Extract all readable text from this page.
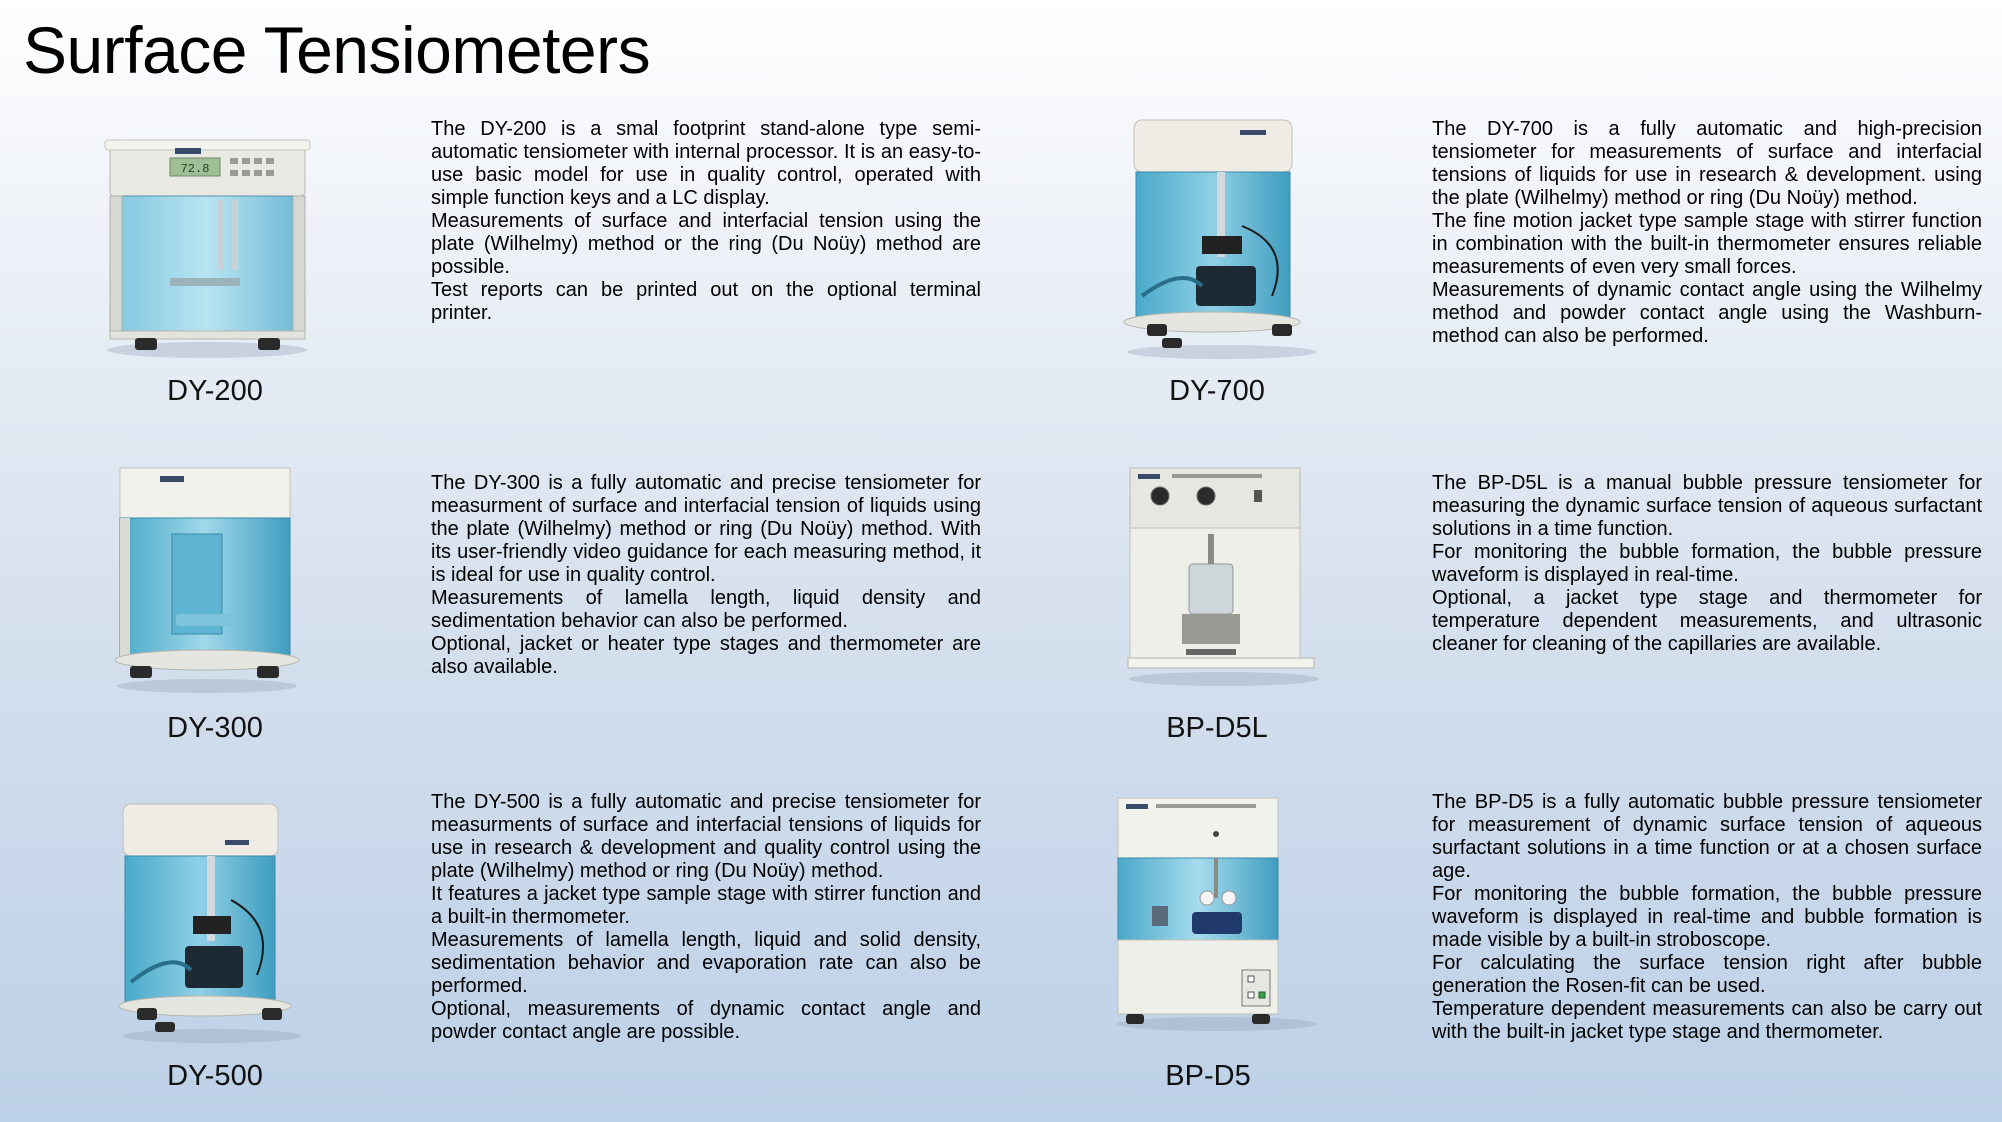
Surface Tensiometers
72.8
DY-200

The DY-200 is a smal footprint stand-alone type semi-automatic tensiometer with internal processor. It is an easy-to-use basic model for use in quality control, operated with simple function keys and a LC display.

Measurements of surface and interfacial tension using the plate (Wilhelmy) method or the ring (Du Noüy) method are possible.

Test reports can be printed out on the optional terminal printer.

DY-700

The DY-700 is a fully automatic and high-precision tensiometer for measurements of surface and interfacial tensions of liquids for use in research & development. using the plate (Wilhelmy) method or ring (Du Noüy) method.

The fine motion jacket type sample stage with stirrer function in combination with the built-in thermometer ensures reliable measurements of even very small forces.

Measurements of dynamic contact angle using the Wilhelmy method and powder contact angle using the Washburn-method can also be performed.

DY-300

The DY-300 is a fully automatic and precise tensiometer for measurment of surface and interfacial tension of liquids using the plate (Wilhelmy) method or ring (Du Noüy) method. With its user-friendly video guidance for each measuring method, it is ideal for use in quality control.

Measurements of lamella length, liquid density and sedimentation behavior can also be performed.

Optional, jacket or heater type stages and thermometer are also available.

BP-D5L

The BP-D5L is a manual bubble pressure tensiometer for measuring the dynamic surface tension of aqueous surfactant solutions in a time function.

For monitoring the bubble formation, the bubble pressure waveform is displayed in real-time.

Optional, a jacket type stage and thermometer for temperature dependent measurements, and ultrasonic cleaner for cleaning of the capillaries are available.

DY-500

The DY-500 is a fully automatic and precise tensiometer for measurments of surface and interfacial tensions of liquids for use in research & development and quality control using the plate (Wilhelmy) method or ring (Du Noüy) method.

It features a jacket type sample stage with stirrer function and a built-in thermometer.

Measurements of lamella length, liquid and solid density, sedimentation behavior and evaporation rate can also be performed.

Optional, measurements of dynamic contact angle and powder contact angle are possible.

BP-D5

The BP-D5 is a fully automatic bubble pressure tensiometer for measurement of dynamic surface tension of aqueous surfactant solutions in a time function or at a chosen surface age.

For monitoring the bubble formation, the bubble pressure waveform is displayed in real-time and bubble formation is made visible by a built-in stroboscope.

For calculating the surface tension right after bubble generation the Rosen-fit can be used.

Temperature dependent measurements can also be carry out with the built-in jacket type stage and thermometer.
